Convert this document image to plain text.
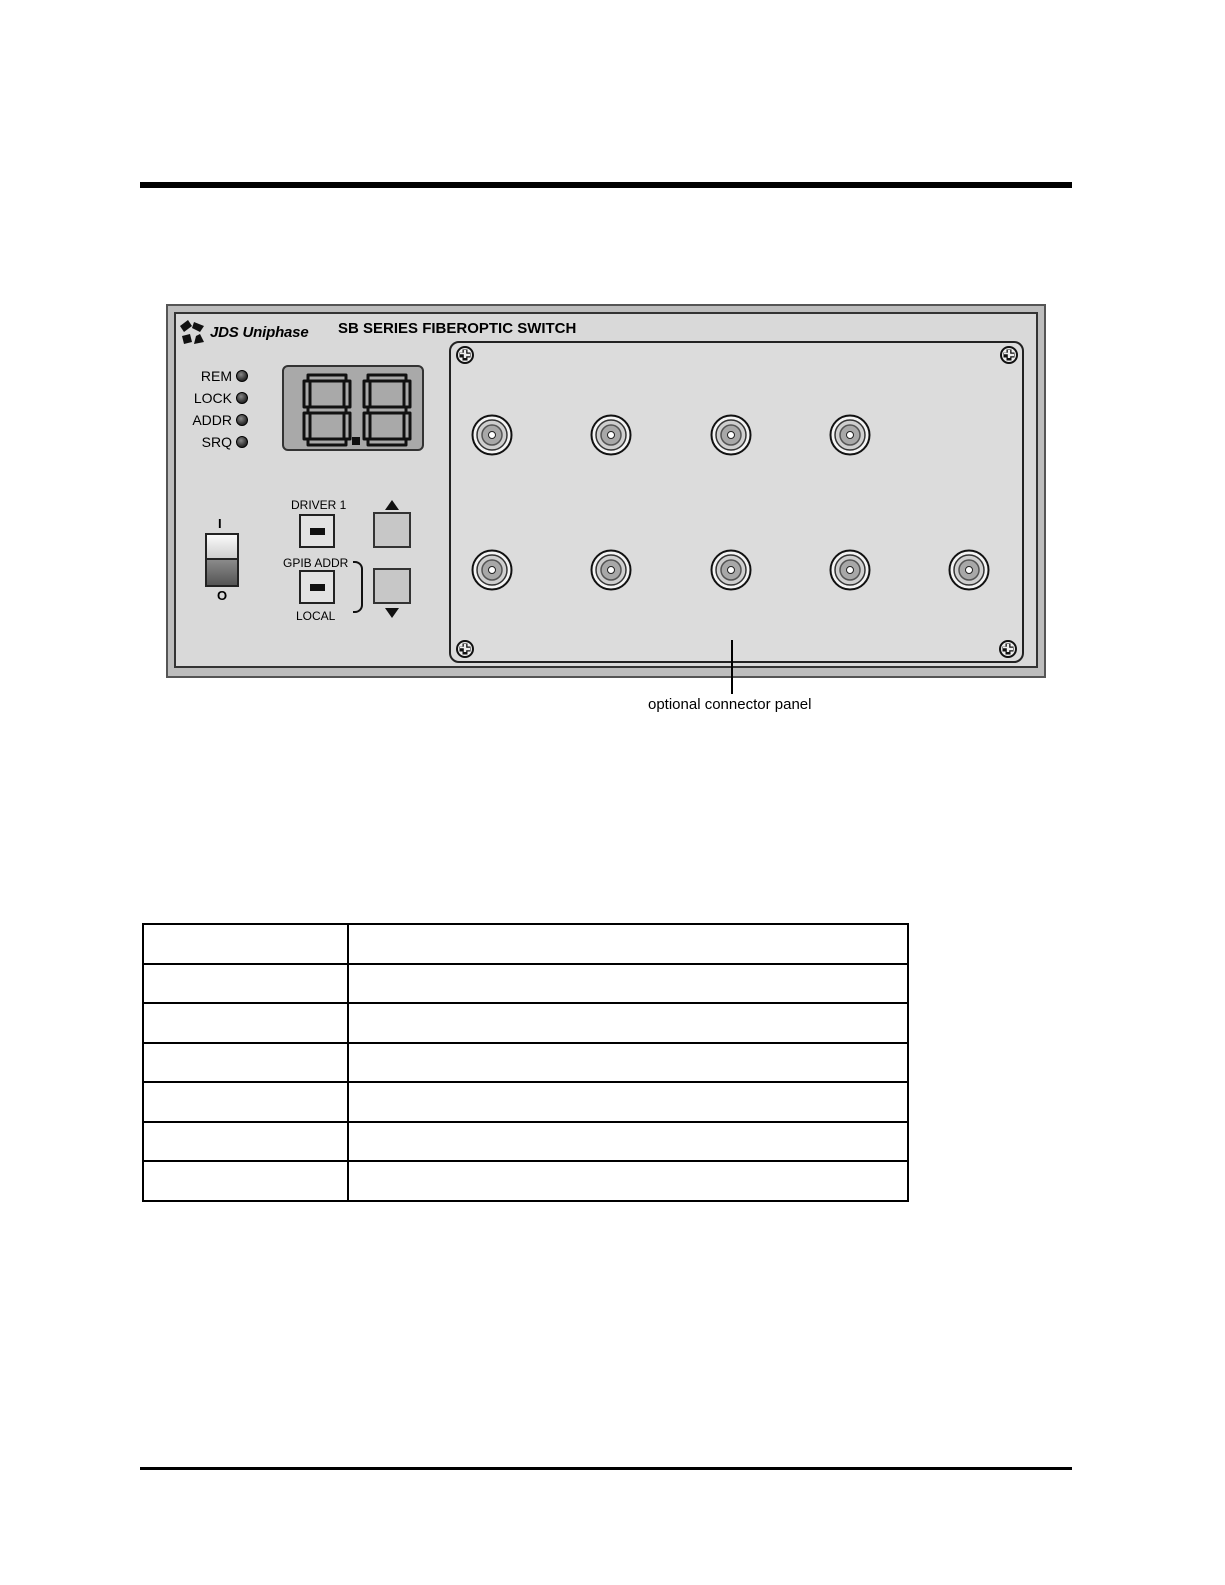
JDS Uniphase SB SERIES FIBEROPTIC SWITCH
REM
LOCK
ADDR
SRQ
I
O
DRIVER 1
GPIB ADDR
LOCAL
optional connector panel
